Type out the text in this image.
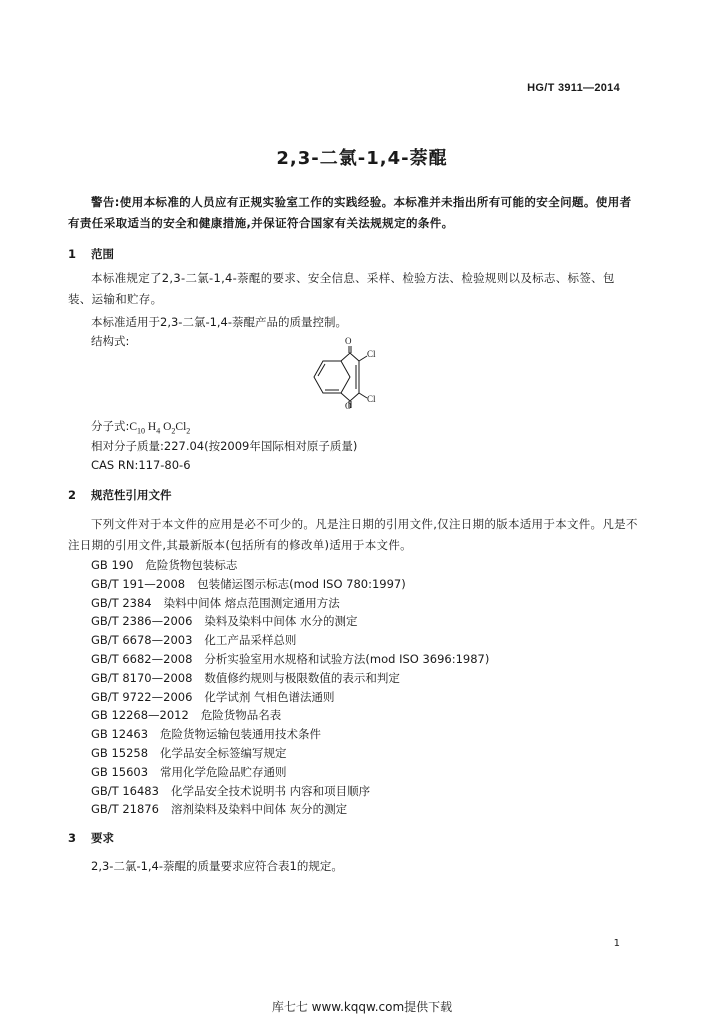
HG/T 3911—2014
2,3-二氯-1,4-萘醌
警告:使用本标准的人员应有正规实验室工作的实践经验。本标准并未指出所有可能的安全问题。使用者有责任采取适当的安全和健康措施,并保证符合国家有关法规规定的条件。
1 范围
本标准规定了2,3-二氯-1,4-萘醌的要求、安全信息、采样、检验方法、检验规则以及标志、标签、包装、运输和贮存。
本标准适用于2,3-二氯-1,4-萘醌产品的质量控制。
结构式:	O
O
Cl
Cl
分子式$:C_{10}$ $H_4$ $O_2Cl_2$
相对分子质量:227.04(按2009年国际相对原子质量)
CAS RN:117-80-6
2 规范性引用文件
下列文件对于本文件的应用是必不可少的。凡是注日期的引用文件,仅注日期的版本适用于本文件。凡是不注日期的引用文件,其最新版本(包括所有的修改单)适用于本文件。
GB 190 危险货物包装标志
GB/T 191—2008 包装储运图示标志(mod ISO 780:1997)
GB/T 2384 染料中间体 熔点范围测定通用方法
GB/T 2386—2006 染料及染料中间体 水分的测定
GB/T 6678—2003 化工产品采样总则
GB/T 6682—2008 分析实验室用水规格和试验方法(mod ISO 3696:1987)
GB/T 8170—2008 数值修约规则与极限数值的表示和判定
GB/T 9722—2006 化学试剂 气相色谱法通则
GB 12268—2012 危险货物品名表
GB 12463 危险货物运输包装通用技术条件
GB 15258 化学品安全标签编写规定
GB 15603 常用化学危险品贮存通则
GB/T 16483 化学品安全技术说明书 内容和项目顺序
GB/T 21876 溶剂染料及染料中间体 灰分的测定
3 要求
2,3-二氯-1,4-萘醌的质量要求应符合表1的规定。
1
库七七 www.kqqw.com提供下载
